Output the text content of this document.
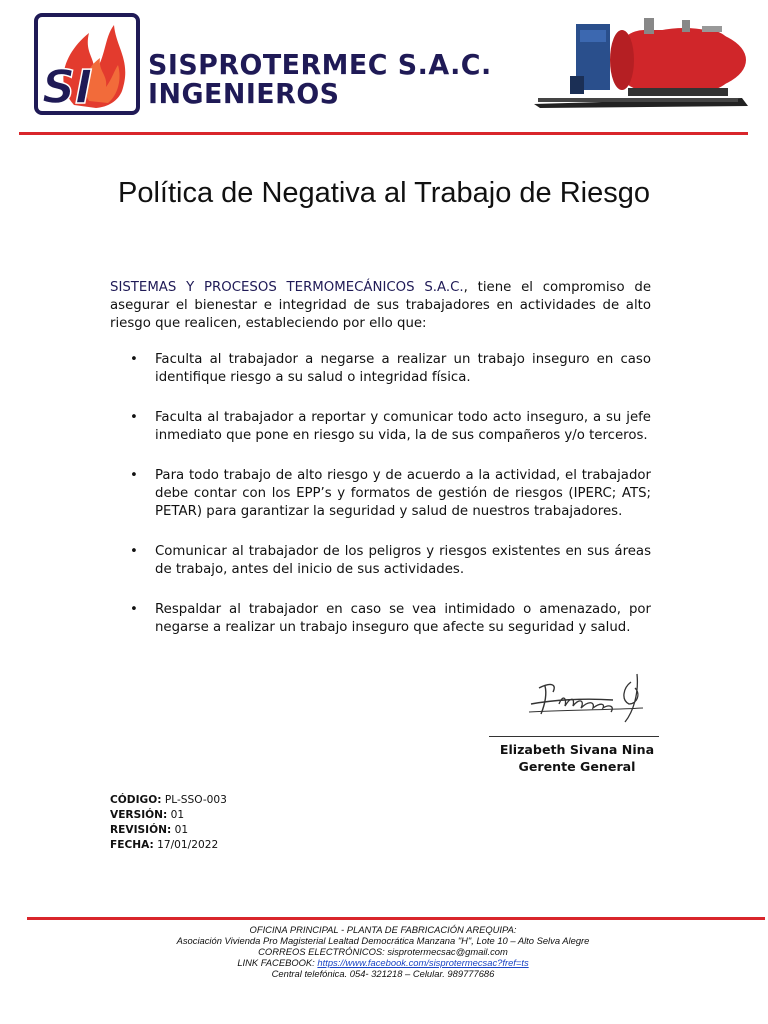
SI SISPROTERMEC S.A.C.
INGENIEROS
Política de Negativa al Trabajo de Riesgo
SISTEMAS Y PROCESOS TERMOMECÁNICOS S.A.C., tiene el compromiso de asegurar el bienestar e integridad de sus trabajadores en actividades de alto riesgo que realicen, estableciendo por ello que:
• Faculta al trabajador a negarse a realizar un trabajo inseguro en caso identifique riesgo a su salud o integridad física.
• Faculta al trabajador a reportar y comunicar todo acto inseguro, a su jefe inmediato que pone en riesgo su vida, la de sus compañeros y/o terceros.
• Para todo trabajo de alto riesgo y de acuerdo a la actividad, el trabajador debe contar con los EPP’s y formatos de gestión de riesgos (IPERC; ATS; PETAR) para garantizar la seguridad y salud de nuestros trabajadores.
• Comunicar al trabajador de los peligros y riesgos existentes en sus áreas de trabajo, antes del inicio de sus actividades.
• Respaldar al trabajador en caso se vea intimidado o amenazado, por negarse a realizar un trabajo inseguro que afecte su seguridad y salud.
Elizabeth Sivana Nina
Gerente General
CÓDIGO: PL-SSO-003
VERSIÓN: 01
REVISIÓN: 01
FECHA: 17/01/2022
OFICINA PRINCIPAL - PLANTA DE FABRICACIÓN AREQUIPA:
Asociación Vivienda Pro Magisterial Lealtad Democrática Manzana "H", Lote 10 – Alto Selva Alegre
CORREOS ELECTRÓNICOS: sisprotermecsac@gmail.com
LINK FACEBOOK: https://www.facebook.com/sisprotermecsac?fref=ts
Central telefónica. 054- 321218 – Celular. 989777686
